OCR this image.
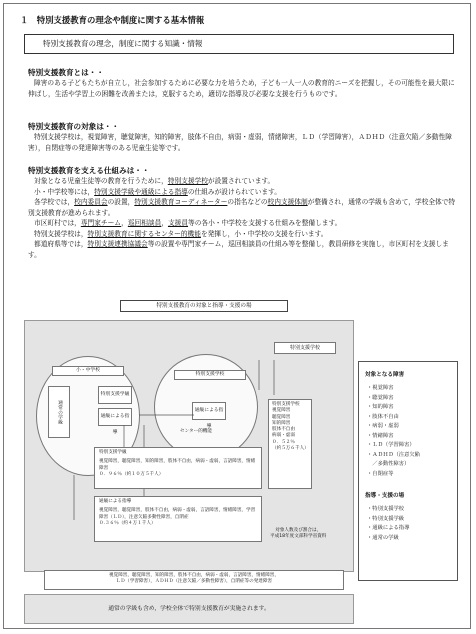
１　特別支援教育の理念や制度に関する基本情報
特別支援教育の理念，制度に関する知識・情報
特別支援教育とは・・
障害のある子どもたちが自立し，社会参加するために必要な力を培うため，子ども一人一人の教育的ニーズを把握し，その可能性を最大限に伸ばし，生活や学習上の困難を改善または，克服するため，適切な指導及び必要な支援を行うものです。
特別支援教育の対象は・・
特別支援学校は，視覚障害，聴覚障害，知的障害，肢体不自由，病弱・虚弱，情緒障害，ＬＤ（学習障害），ＡＤＨＤ（注意欠陥／多動性障害），自閉症等の発達障害等のある児童生徒等です。
特別支援教育を支える仕組みは・・

対象となる児童生徒等の教育を行うために，特別支援学校が設置されています。

小・中学校等には，特別支援学級や通級による指導の仕組みが設けられています。

各学校では，校内委員会の設置，特別支援教育コーディネーターの指名などの校内支援体制が整備され，通常の学級も含めて，学校全体で特別支援教育が進められます。

市区町村では，専門家チーム，巡回相談員，支援員等の各小・中学校を支援する仕組みを整備します。

特別支援学校は，特別支援教育に関するセンター的機能を発揮し，小・中学校の支援を行います。

都道府県等では，特別支援連携協議会等の設置や専門家チーム，巡回相談員の仕組み等を整備し，教員研修を実施し，市区町村を支援します。

特別支援教育の対象と指導・支援の場
特別支援学校
小・中学校
通常の学級
特別支援学級
通級による指導
特別支援学校
通級による指導
センター的機能
特別支援学校
視覚障害
聴覚障害
知的障害
肢体不自由
病弱・虚弱
０．５２％
（約５万６千人）
特別支援学級
視覚障害，聴覚障害，知的障害，肢体不自由，病弱・虚弱，言語障害，情緒障害
０．９６％（約１０万５千人）
通級による指導
視覚障害，聴覚障害，肢体不自由，病弱・虚弱，言語障害，情緒障害，学習障害（ＬＤ），注意欠陥多動性障害，自閉症
０.３６％（約４万１千人）
対象人数及び割合は，
平成18年度文部科学省資料
視覚障害，聴覚障害，知的障害，肢体不自由，病弱・虚弱，言語障害，情緒障害，
ＬＤ（学習障害），ＡＤＨＤ（注意欠陥／多動性障害），自閉症等の発達障害
通常の学級も含め，学校全体で特別支援教育が実施されます。
対象となる障害
・視覚障害
・聴覚障害
・知的障害
・肢体不自由
・病弱・虚弱
・情緒障害
・ＬＤ（学習障害）
・ＡＤＨＤ（注意欠陥
　／多動性障害）
・自閉症等
指導・支援の場
・特別支援学校
・特別支援学級
・通級による指導
・通常の学級
